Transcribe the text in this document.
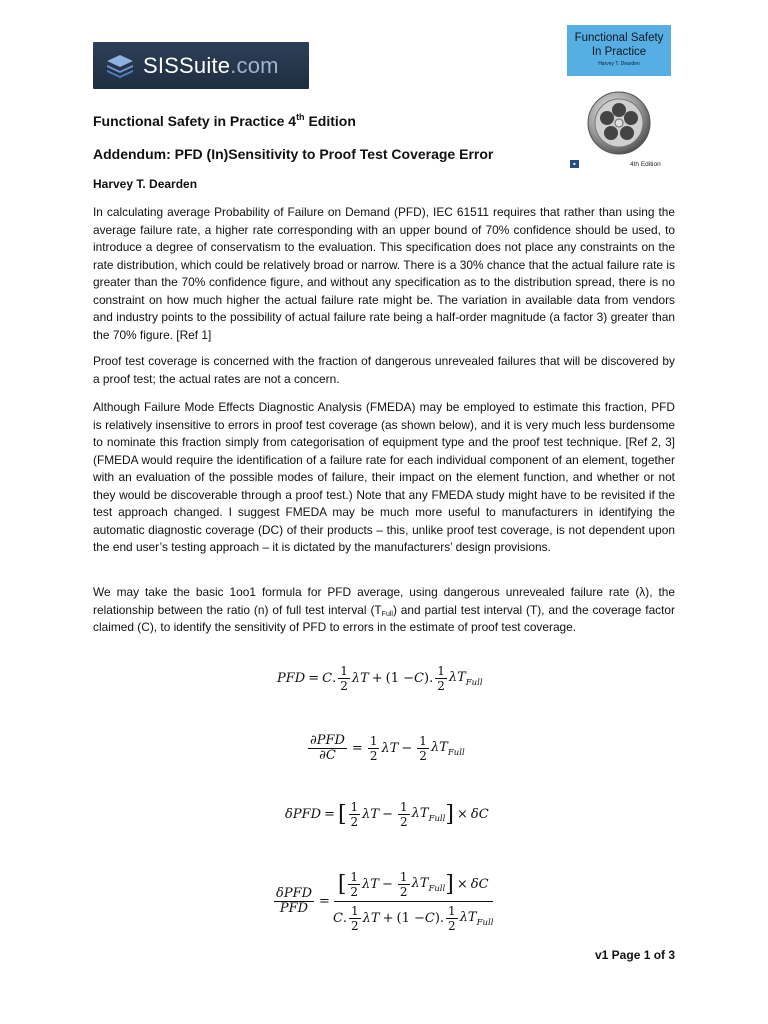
SISSuite.com
Functional Safety
In Practice
Harvey T. Dearden
■	4th Edition
Functional Safety in Practice 4th Edition
Addendum: PFD (In)Sensitivity to Proof Test Coverage Error
Harvey T. Dearden
In calculating average Probability of Failure on Demand (PFD), IEC 61511 requires that rather than using the average failure rate, a higher rate corresponding with an upper bound of 70% confidence should be used, to introduce a degree of conservatism to the evaluation. This specification does not place any constraints on the rate distribution, which could be relatively broad or narrow. There is a 30% chance that the actual failure rate is greater than the 70% confidence figure, and without any specification as to the distribution spread, there is no constraint on how much higher the actual failure rate might be. The variation in available data from vendors and industry points to the possibility of actual failure rate being a half-order magnitude (a factor 3) greater than the 70% figure. [Ref 1]
Proof test coverage is concerned with the fraction of dangerous unrevealed failures that will be discovered by a proof test; the actual rates are not a concern.
Although Failure Mode Effects Diagnostic Analysis (FMEDA) may be employed to estimate this fraction, PFD is relatively insensitive to errors in proof test coverage (as shown below), and it is very much less burdensome to nominate this fraction simply from categorisation of equipment type and the proof test technique. [Ref 2, 3] (FMEDA would require the identification of a failure rate for each individual component of an element, together with an evaluation of the possible modes of failure, their impact on the element function, and whether or not they would be discoverable through a proof test.) Note that any FMEDA study might have to be revisited if the test approach changed. I suggest FMEDA may be much more useful to manufacturers in identifying the automatic diagnostic coverage (DC) of their products – this, unlike proof test coverage, is not dependent upon the end user’s testing approach – it is dictated by the manufacturers’ design provisions.
We may take the basic 1oo1 formula for PFD average, using dangerous unrevealed failure rate (λ), the relationship between the ratio (n) of full test interval $(T_{Full})$ and partial test interval (T), and the coverage factor claimed (C), to identify the sensitivity of PFD to errors in the estimate of proof test coverage.
PFD = C . $\frac{1}{2}$ λT + (1 − C ). $\frac{1}{2} \lambda T_{Full}$
$\frac{\text{∂PFD}}{\partial C} = \frac{1}{2}$ $\lambda T - \frac{1}{2} \lambda T_{Full}$
δPFD = [ $\frac{1}{2}$ $\lambda T - \frac{1}{2} \lambda T_{Full}$ ] × δC
$\frac{\text{δPFD}}{\text{PFD}}$ =
[ $\frac{1}{2}$ $\lambda T - \frac{1}{2} \lambda T_{Full}$ ] × δC
C . $\frac{1}{2}$ λT + (1 − C ). $\frac{1}{2} \lambda T_{Full}$
v1 Page 1 of 3
